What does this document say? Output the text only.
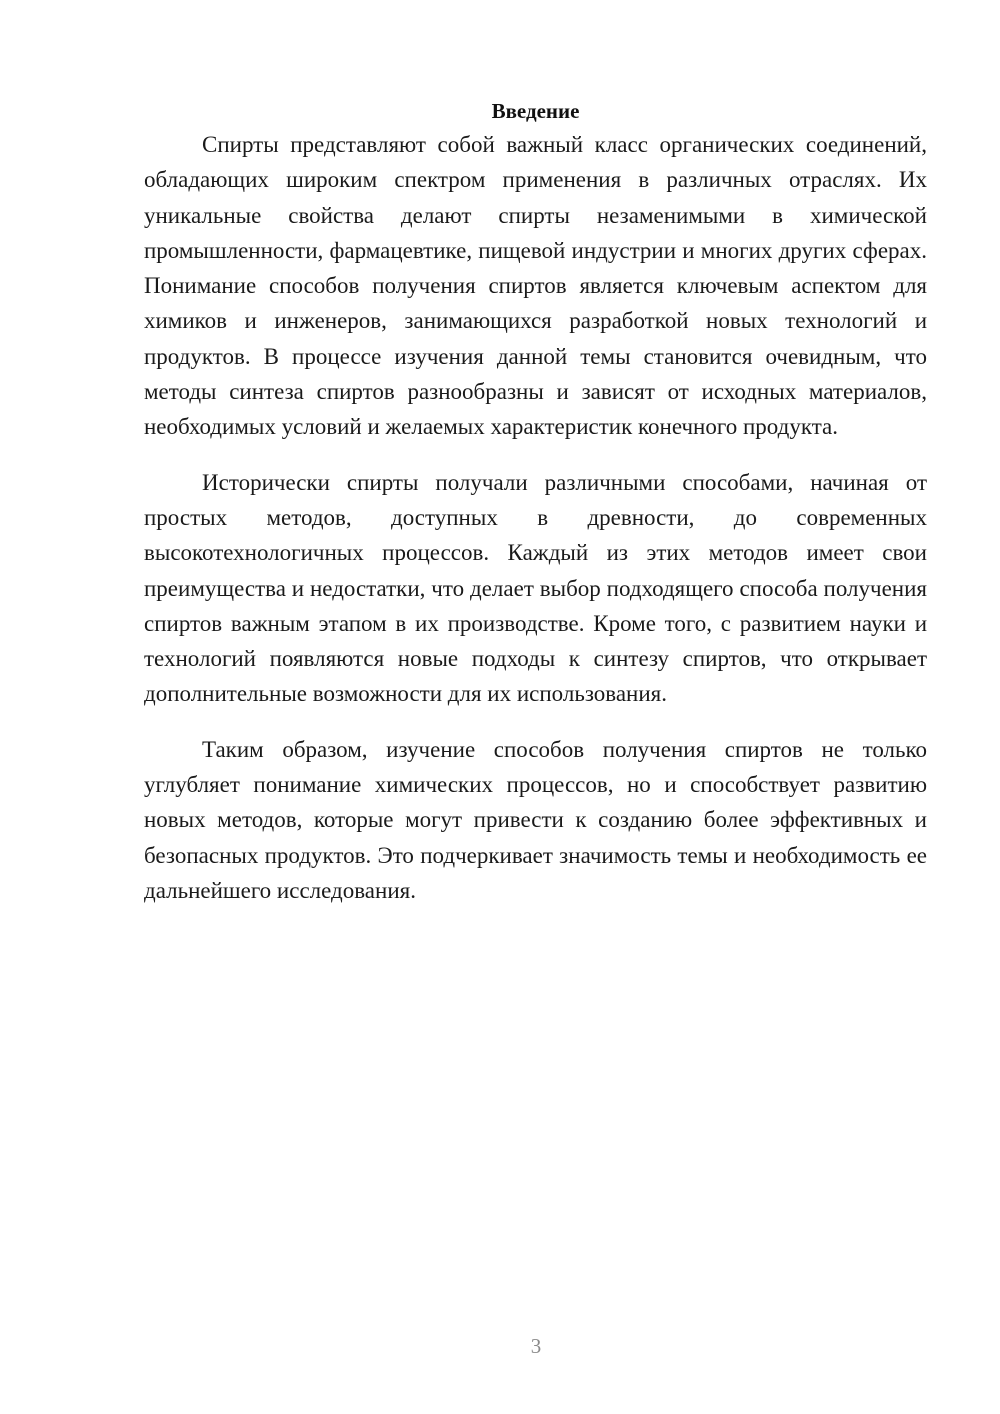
Введение

Спирты представляют собой важный класс органических соединений, обладающих широким спектром применения в различных отраслях. Их уникальные свойства делают спирты незаменимыми в химической промышленности, фармацевтике, пищевой индустрии и многих других сферах. Понимание способов получения спиртов является ключевым аспектом для химиков и инженеров, занимающихся разработкой новых технологий и продуктов. В процессе изучения данной темы становится очевидным, что методы синтеза спиртов разнообразны и зависят от исходных материалов, необходимых условий и желаемых характеристик конечного продукта.

Исторически спирты получали различными способами, начиная от простых методов, доступных в древности, до современных высокотехнологичных процессов. Каждый из этих методов имеет свои преимущества и недостатки, что делает выбор подходящего способа получения спиртов важным этапом в их производстве. Кроме того, с развитием науки и технологий появляются новые подходы к синтезу спиртов, что открывает дополнительные возможности для их использования.

Таким образом, изучение способов получения спиртов не только углубляет понимание химических процессов, но и способствует развитию новых методов, которые могут привести к созданию более эффективных и безопасных продуктов. Это подчеркивает значимость темы и необходимость ее дальнейшего исследования.

3
